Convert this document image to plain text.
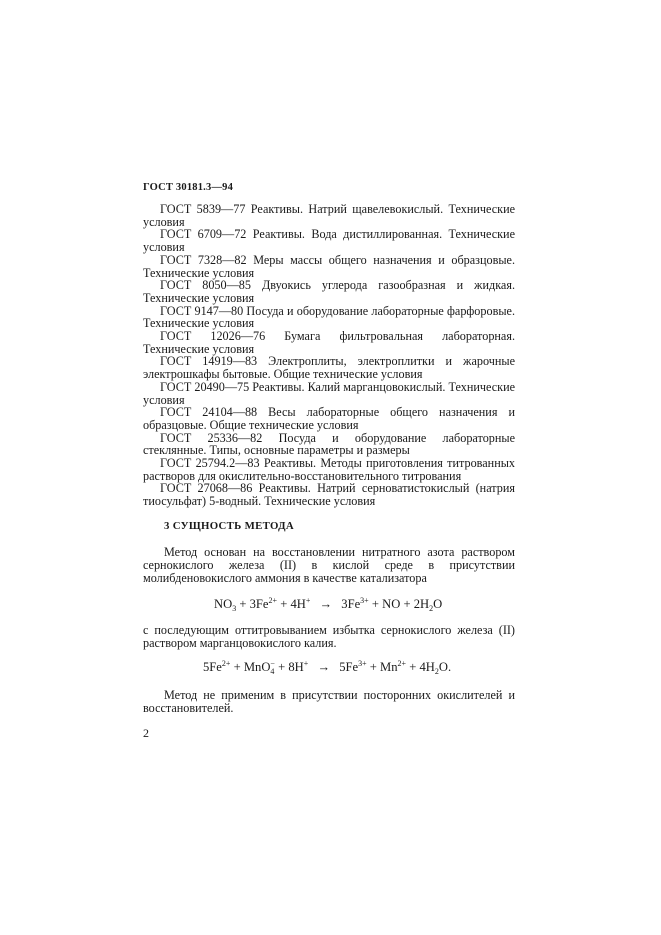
ГОСТ 30181.3—94

ГОСТ 5839—77 Реактивы. Натрий щавелевокислый. Технические условия

ГОСТ 6709—72 Реактивы. Вода дистиллированная. Технические условия

ГОСТ 7328—82 Меры массы общего назначения и образцовые. Технические условия

ГОСТ 8050—85 Двуокись углерода газообразная и жидкая. Технические условия

ГОСТ 9147—80 Посуда и оборудование лабораторные фарфоровые. Технические условия

ГОСТ 12026—76 Бумага фильтровальная лабораторная. Технические условия

ГОСТ 14919—83 Электроплиты, электроплитки и жарочные электрошкафы бытовые. Общие технические условия

ГОСТ 20490—75 Реактивы. Калий марганцовокислый. Технические условия

ГОСТ 24104—88 Весы лабораторные общего назначения и образцовые. Общие технические условия

ГОСТ 25336—82 Посуда и оборудование лабораторные стеклянные. Типы, основные параметры и размеры

ГОСТ 25794.2—83 Реактивы. Методы приготовления титрованных растворов для окислительно-восстановительного титрования

ГОСТ 27068—86 Реактивы. Натрий серноватистокислый (натрия тиосульфат) 5-водный. Технические условия

3 СУЩНОСТЬ МЕТОДА

Метод основан на восстановлении нитратного азота раствором сернокислого железа (II) в кислой среде в присутствии молибденовокислого аммония в качестве катализатора

$NO_3 + 3Fe^{2+} + 4H^+ \to 3Fe^{3+}$ + NO + $2H_2O$

с последующим оттитровыванием избытка сернокислого железа (II) раствором марганцовокислого калия.

$5Fe^{2+} + MnO_4^- + 8H^+ \to 5Fe^{3+} + Mn^{2+} + 4H_2O$.

Метод не применим в присутствии посторонних окислителей и восстановителей.

2
